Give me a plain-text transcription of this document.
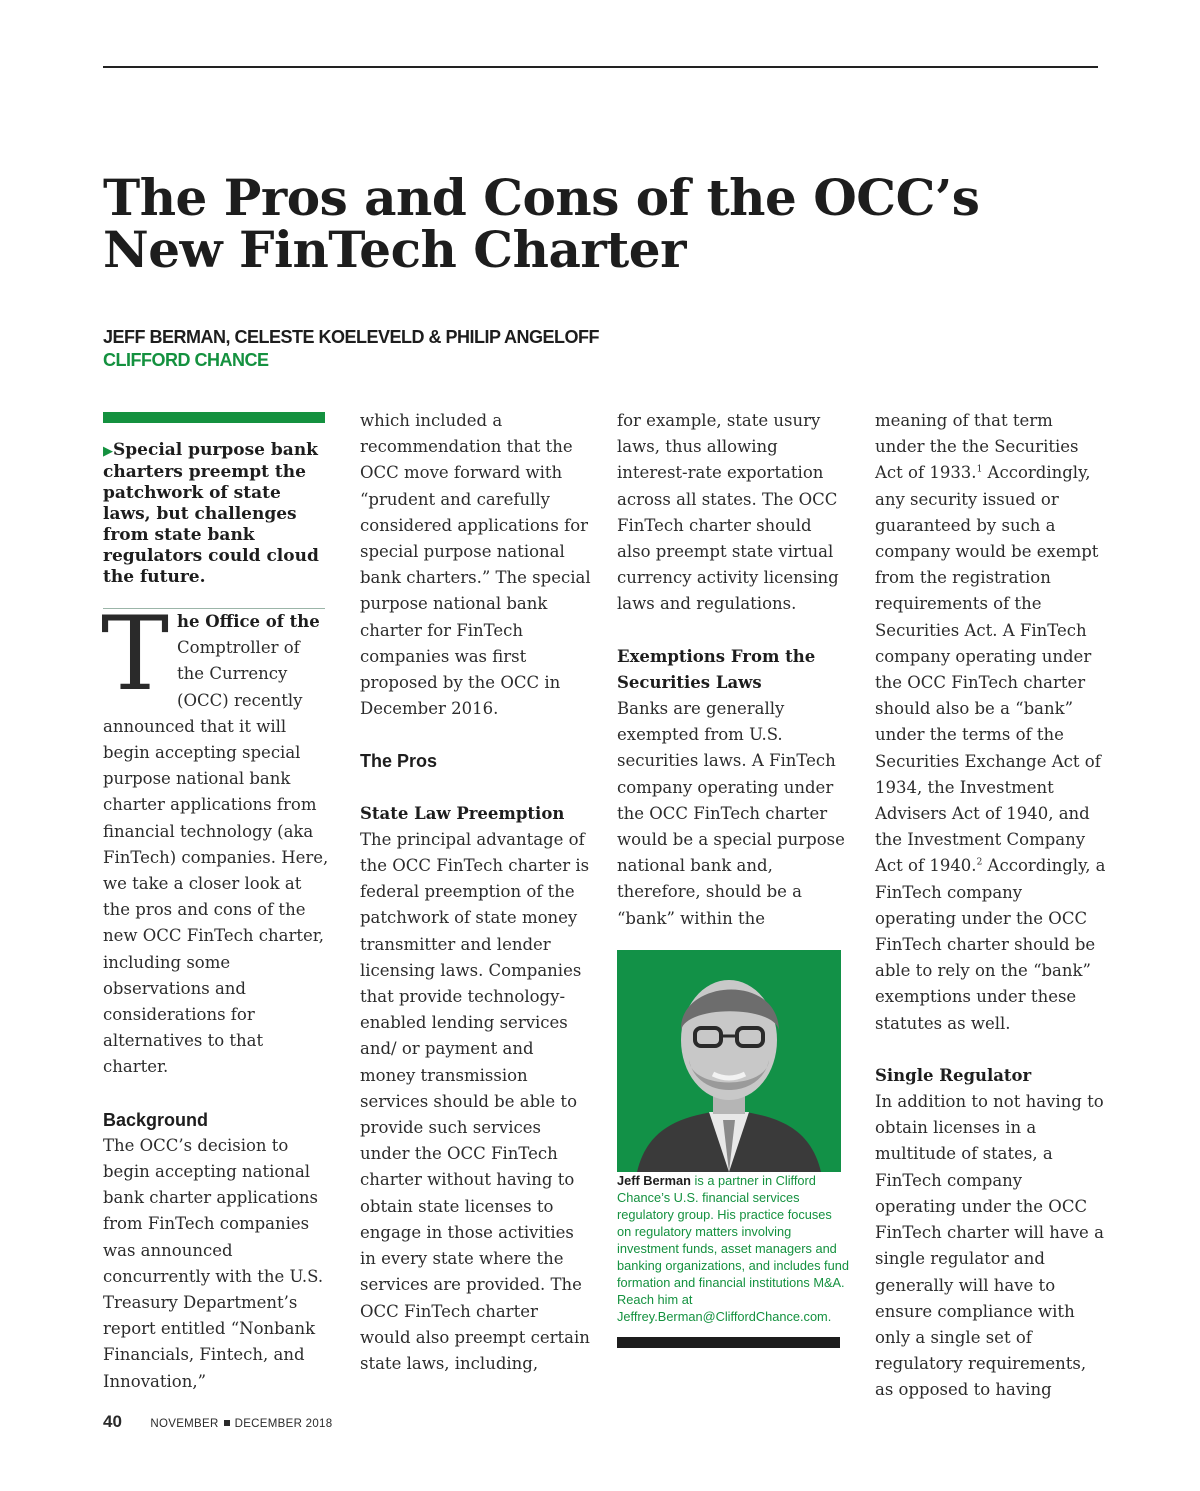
The Pros and Cons of the OCC’s
New FinTech Charter
JEFF BERMAN, CELESTE KOELEVELD & PHILIP ANGELOFF
CLIFFORD CHANCE
▶Special purpose bank charters preempt the patchwork of state laws, but challenges from state bank regulators could cloud the future.

The Office of the Comptroller of the Currency (OCC) recently announced that it will begin accepting special purpose national bank charter applications from financial technology (aka FinTech) companies. Here, we take a closer look at the pros and cons of the new OCC FinTech charter, including some observations and considerations for alternatives to that charter.

Background

The OCC’s decision to begin accepting national bank charter applications from FinTech companies was announced concurrently with the U.S. Treasury Department’s report entitled “Nonbank Financials, Fintech, and Innovation,”

which included a recommendation that the OCC move forward with “prudent and carefully considered applications for special purpose national bank charters.” The special purpose national bank charter for FinTech companies was first proposed by the OCC in December 2016.

The Pros
State Law Preemption

The principal advantage of the OCC FinTech charter is federal preemption of the patchwork of state money transmitter and lender licensing laws. Companies that provide technology-enabled lending services and/ or payment and money transmission services should be able to provide such services under the OCC FinTech charter without having to obtain state licenses to engage in those activities in every state where the services are provided. The OCC FinTech charter would also preempt certain state laws, including,

for example, state usury laws, thus allowing interest-rate exportation across all states. The OCC FinTech charter should also preempt state virtual currency activity licensing laws and regulations.

Exemptions From the Securities Laws

Banks are generally exempted from U.S. securities laws. A FinTech company operating under the OCC FinTech charter would be a special purpose national bank and, therefore, should be a “bank” within the

Jeff Berman is a partner in Clifford Chance’s U.S. financial services regulatory group. His practice focuses on regulatory matters involving investment funds, asset managers and banking organizations, and includes fund formation and financial institutions M&A. Reach him at Jeffrey.Berman@CliffordChance.com.

meaning of that term under the the Securities Act of 1933.$^1$ Accordingly, any security issued or guaranteed by such a company would be exempt from the registration requirements of the Securities Act. A FinTech company operating under the OCC FinTech charter should also be a “bank” under the terms of the Securities Exchange Act of 1934, the Investment Advisers Act of 1940, and the Investment Company Act of 1940.$^2$ Accordingly, a FinTech company operating under the OCC FinTech charter should be able to rely on the “bank” exemptions under these statutes as well.

Single Regulator

In addition to not having to obtain licenses in a multitude of states, a FinTech company operating under the OCC FinTech charter will have a single regulator and generally will have to ensure compliance with only a single set of regulatory requirements, as opposed to having

40 NOVEMBER DECEMBER 2018
